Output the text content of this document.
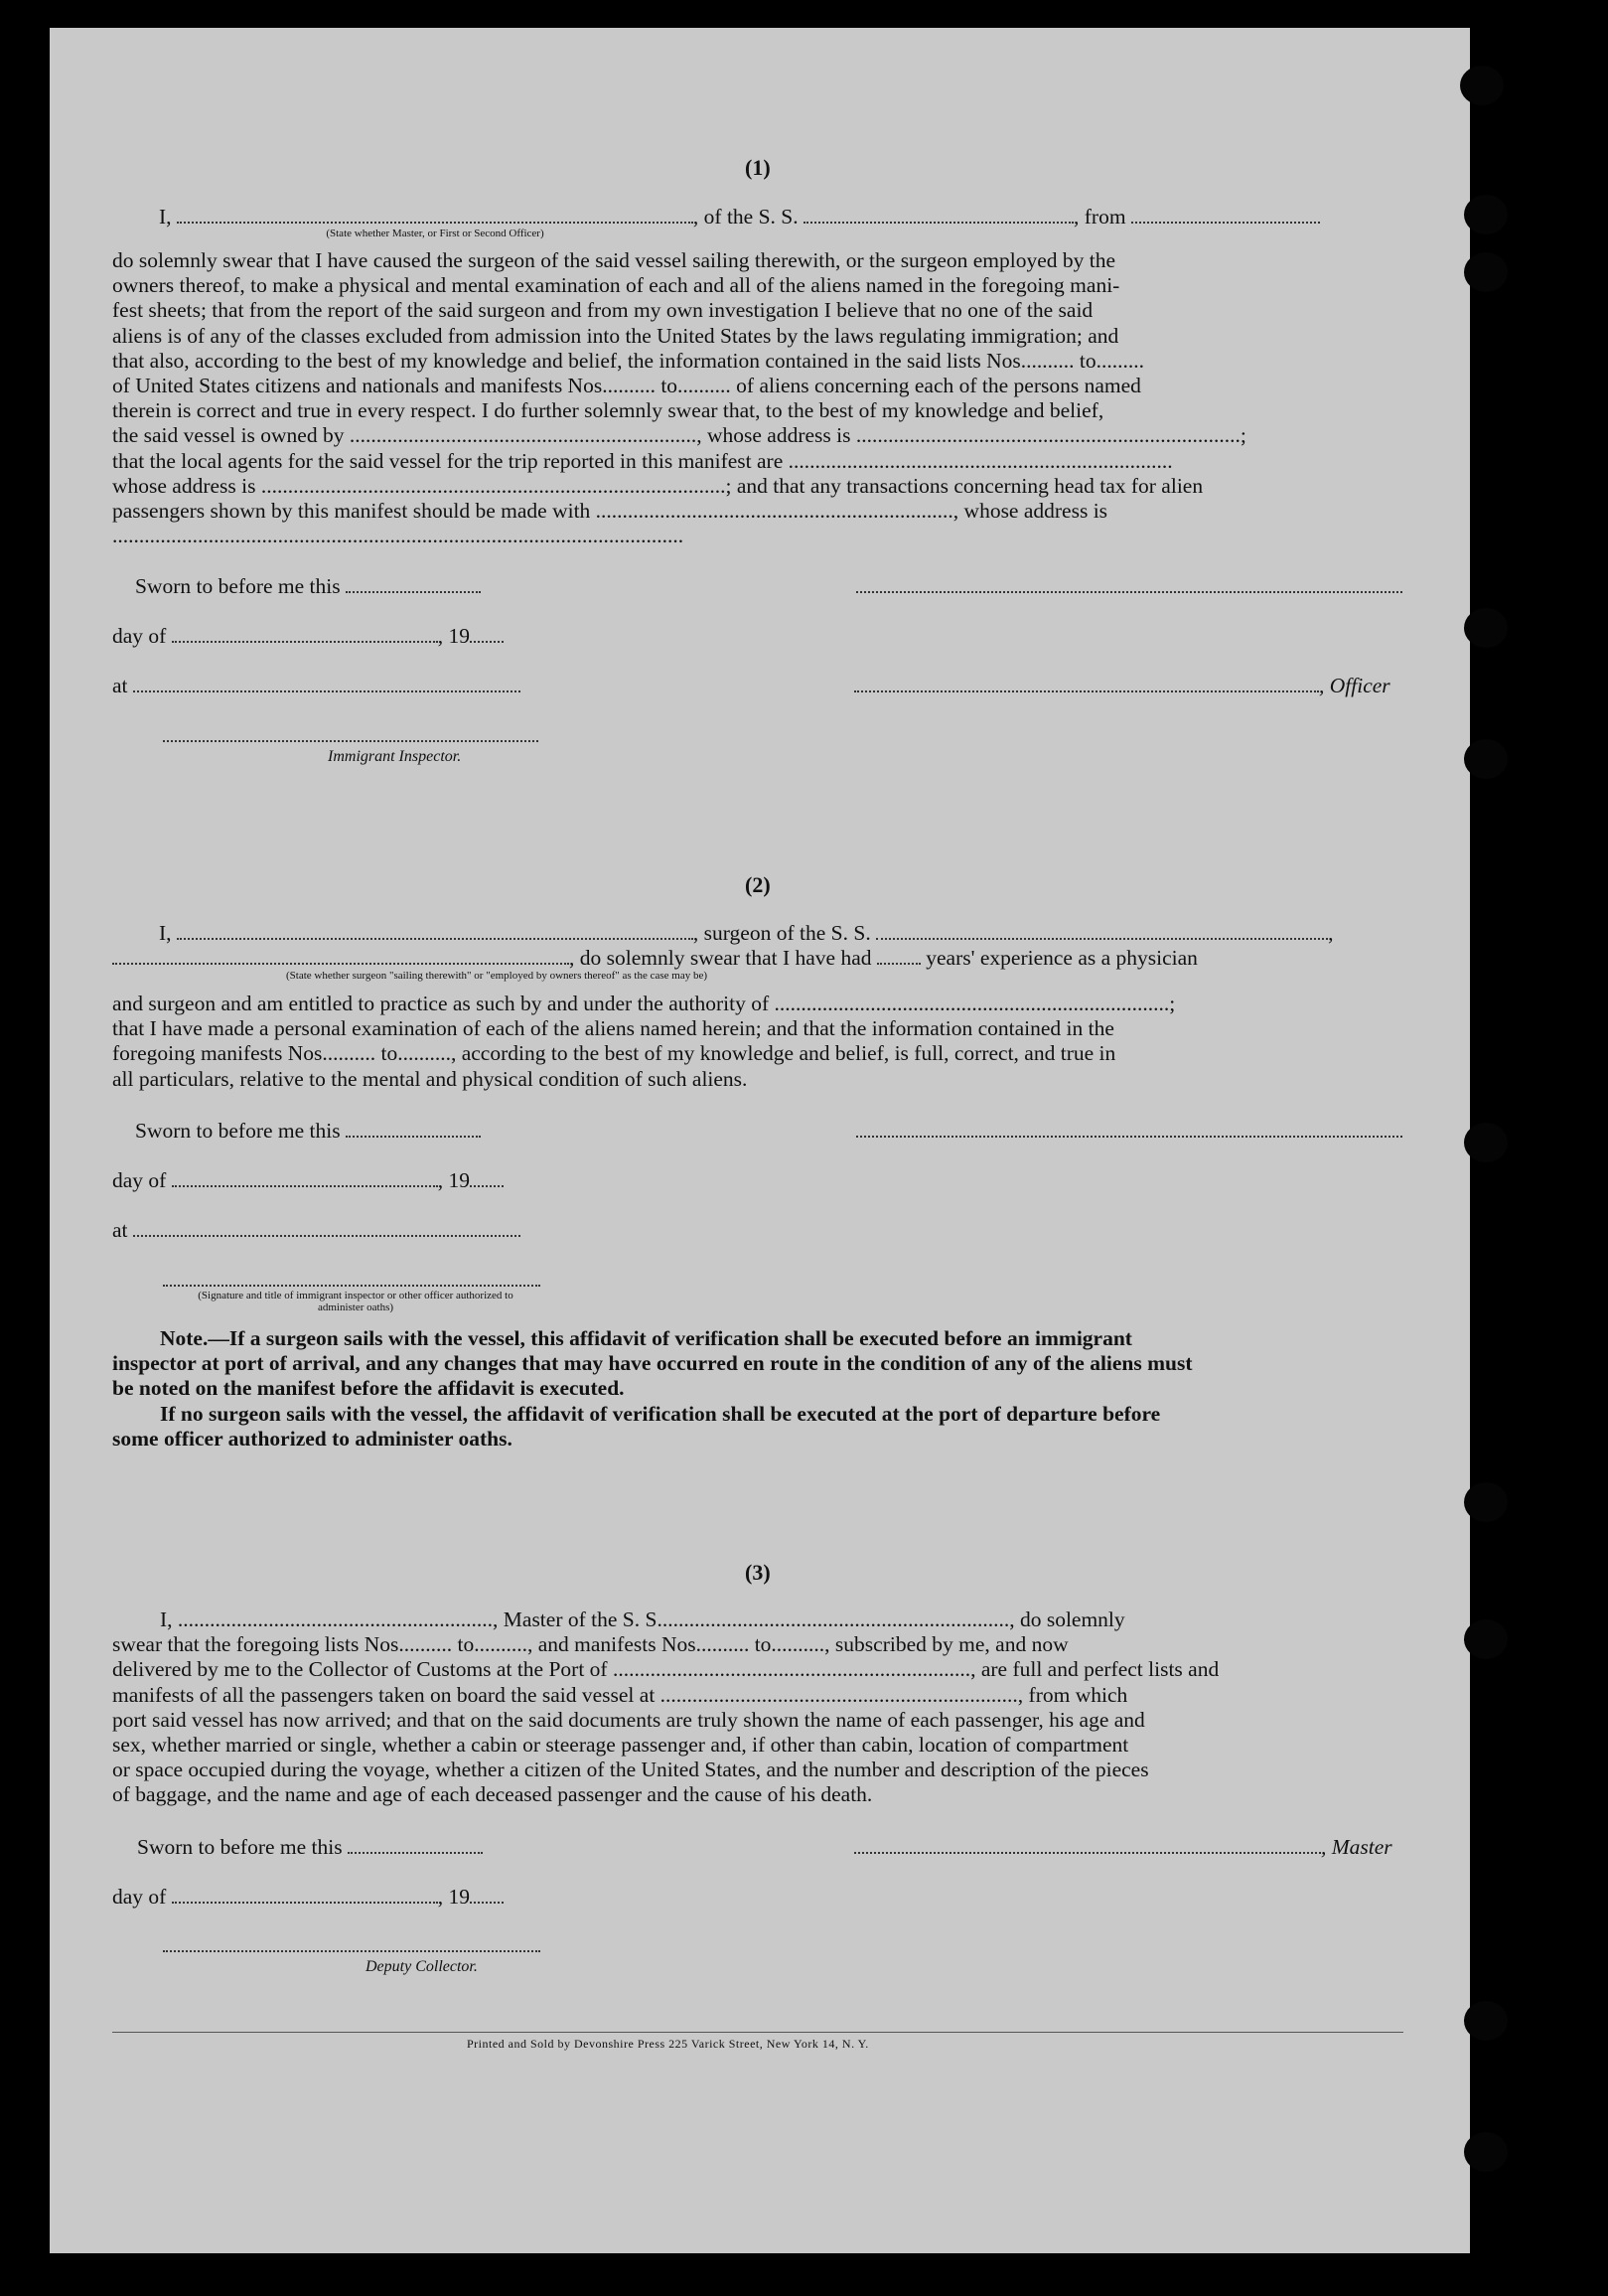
(1)
I,	, of the S. S.	, from
(State whether Master, or First or Second Officer)
do solemnly swear that I have caused the surgeon of the said vessel sailing therewith, or the surgeon employed by the
owners thereof, to make a physical and mental examination of each and all of the aliens named in the foregoing mani-
fest sheets; that from the report of the said surgeon and from my own investigation I believe that no one of the said
aliens is of any of the classes excluded from admission into the United States by the laws regulating immigration; and
that also, according to the best of my knowledge and belief, the information contained in the said lists Nos.......... to.........
of United States citizens and nationals and manifests Nos.......... to.......... of aliens concerning each of the persons named
therein is correct and true in every respect. I do further solemnly swear that, to the best of my knowledge and belief,
the said vessel is owned by ................................................................., whose address is ........................................................................;
that the local agents for the said vessel for the trip reported in this manifest are ........................................................................
whose address is .......................................................................................; and that any transactions concerning head tax for alien
passengers shown by this manifest should be made with ..................................................................., whose address is
...........................................................................................................
Sworn to before me this
day of	, 19
at	, Officer
Immigrant Inspector.
(2)
I,	, surgeon of the S. S.	,
, do solemnly swear that I have had	years' experience as a physician
(State whether surgeon "sailing therewith" or "employed by owners thereof" as the case may be)
and surgeon and am entitled to practice as such by and under the authority of ..........................................................................;
that I have made a personal examination of each of the aliens named herein; and that the information contained in the
foregoing manifests Nos.......... to.........., according to the best of my knowledge and belief, is full, correct, and true in
all particulars, relative to the mental and physical condition of such aliens.
Sworn to before me this
day of	, 19
at
(Signature and title of immigrant inspector or other officer authorized to administer oaths)
Note.—If a surgeon sails with the vessel, this affidavit of verification shall be executed before an immigrant
inspector at port of arrival, and any changes that may have occurred en route in the condition of any of the aliens must
be noted on the manifest before the affidavit is executed.
If no surgeon sails with the vessel, the affidavit of verification shall be executed at the port of departure before
some officer authorized to administer oaths.
(3)
I, ..........................................................., Master of the S. S.................................................................., do solemnly
swear that the foregoing lists Nos.......... to.........., and manifests Nos.......... to.........., subscribed by me, and now
delivered by me to the Collector of Customs at the Port of ..................................................................., are full and perfect lists and
manifests of all the passengers taken on board the said vessel at ..................................................................., from which
port said vessel has now arrived; and that on the said documents are truly shown the name of each passenger, his age and
sex, whether married or single, whether a cabin or steerage passenger and, if other than cabin, location of compartment
or space occupied during the voyage, whether a citizen of the United States, and the number and description of the pieces
of baggage, and the name and age of each deceased passenger and the cause of his death.
Sworn to before me this	, Master
day of	, 19
Deputy Collector.
Printed and Sold by Devonshire Press 225 Varick Street, New York 14, N. Y.
